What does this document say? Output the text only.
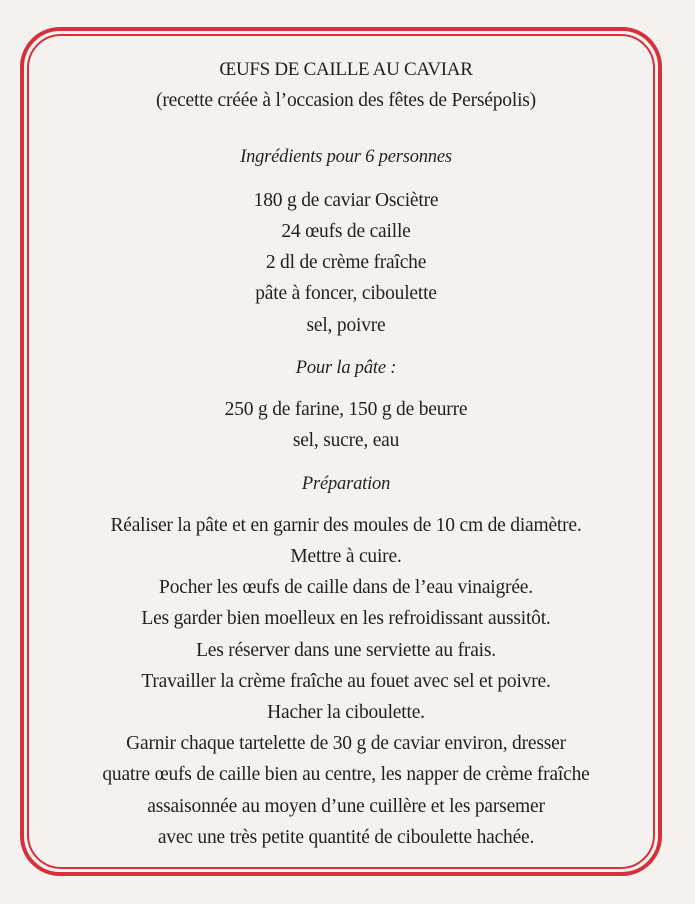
ŒUFS DE CAILLE AU CAVIAR
(recette créée à l’occasion des fêtes de Persépolis)
Ingrédients pour 6 personnes
180 g de caviar Osciètre
24 œufs de caille
2 dl de crème fraîche
pâte à foncer, ciboulette
sel, poivre
Pour la pâte :
250 g de farine, 150 g de beurre
sel, sucre, eau
Préparation
Réaliser la pâte et en garnir des moules de 10 cm de diamètre.
Mettre à cuire.
Pocher les œufs de caille dans de l’eau vinaigrée.
Les garder bien moelleux en les refroidissant aussitôt.
Les réserver dans une serviette au frais.
Travailler la crème fraîche au fouet avec sel et poivre.
Hacher la ciboulette.
Garnir chaque tartelette de 30 g de caviar environ, dresser
quatre œufs de caille bien au centre, les napper de crème fraîche
assaisonnée au moyen d’une cuillère et les parsemer
avec une très petite quantité de ciboulette hachée.
